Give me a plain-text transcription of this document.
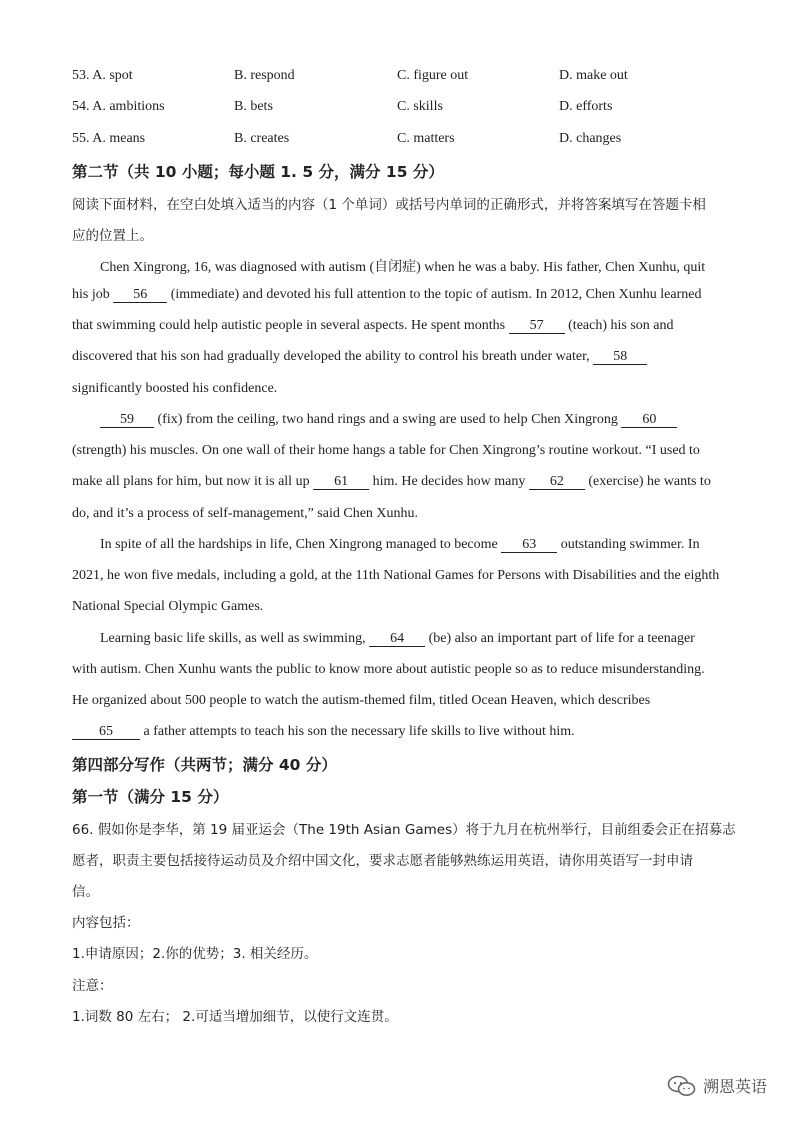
53. A. spot	B. respond	C. figure out	D. make out
54. A. ambitions	B. bets	C. skills	D. efforts
55. A. means	B. creates	C. matters	D. changes
第二节（共 10 小题；每小题 1. 5 分，满分 15 分）
阅读下面材料，在空白处填入适当的内容（1 个单词）或括号内单词的正确形式，并将答案填写在答题卡相
应的位置上。
Chen Xingrong, 16, was diagnosed with autism (自闭症) when he was a baby. His father, Chen Xunhu, quit
his job 56 (immediate) and devoted his full attention to the topic of autism. In 2012, Chen Xunhu learned
that swimming could help autistic people in several aspects. He spent months 57 (teach) his son and
discovered that his son had gradually developed the ability to control his breath under water, 58
significantly boosted his confidence.
59 (fix) from the ceiling, two hand rings and a swing are used to help Chen Xingrong 60
(strength) his muscles. On one wall of their home hangs a table for Chen Xingrong’s routine workout. “I used to
make all plans for him, but now it is all up 61 him. He decides how many 62 (exercise) he wants to
do, and it’s a process of self-management,” said Chen Xunhu.
In spite of all the hardships in life, Chen Xingrong managed to become 63 outstanding swimmer. In
2021, he won five medals, including a gold, at the 11th National Games for Persons with Disabilities and the eighth
National Special Olympic Games.
Learning basic life skills, as well as swimming, 64 (be) also an important part of life for a teenager
with autism. Chen Xunhu wants the public to know more about autistic people so as to reduce misunderstanding.
He organized about 500 people to watch the autism-themed film, titled Ocean Heaven, which describes
65 a father attempts to teach his son the necessary life skills to live without him.
第四部分写作（共两节；满分 40 分）
第一节（满分 15 分）
66. 假如你是李华，第 19 届亚运会（The 19th Asian Games）将于九月在杭州举行，目前组委会正在招募志
愿者，职责主要包括接待运动员及介绍中国文化，要求志愿者能够熟练运用英语，请你用英语写一封申请
信。
内容包括：
1.申请原因；2.你的优势；3. 相关经历。
注意：
1.词数 80 左右； 2.可适当增加细节，以使行文连贯。
溯恩英语
